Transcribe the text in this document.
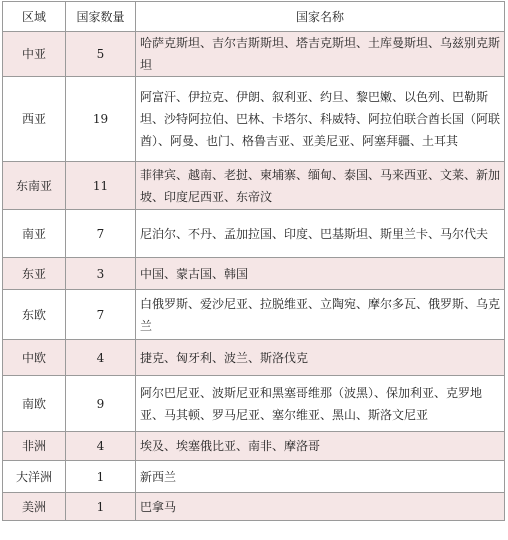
区域	国家数量	国家名称
中亚	5	哈萨克斯坦、吉尔吉斯斯坦、塔吉克斯坦、土库曼斯坦、乌兹别克斯坦
西亚	19	阿富汗、伊拉克、伊朗、叙利亚、约旦、黎巴嫩、以色列、巴勒斯坦、沙特阿拉伯、巴林、卡塔尔、科威特、阿拉伯联合酋长国（阿联酋）、阿曼、也门、格鲁吉亚、亚美尼亚、阿塞拜疆、土耳其
东南亚	11	菲律宾、越南、老挝、柬埔寨、缅甸、泰国、马来西亚、文莱、新加坡、印度尼西亚、东帝汶
南亚	7	尼泊尔、不丹、孟加拉国、印度、巴基斯坦、斯里兰卡、马尔代夫
东亚	3	中国、蒙古国、韩国
东欧	7	白俄罗斯、爱沙尼亚、拉脱维亚、立陶宛、摩尔多瓦、俄罗斯、乌克兰
中欧	4	捷克、匈牙利、波兰、斯洛伐克
南欧	9	阿尔巴尼亚、波斯尼亚和黑塞哥维那（波黑）、保加利亚、克罗地亚、马其顿、罗马尼亚、塞尔维亚、黑山、斯洛文尼亚
非洲	4	埃及、埃塞俄比亚、南非、摩洛哥
大洋洲	1	新西兰
美洲	1	巴拿马
